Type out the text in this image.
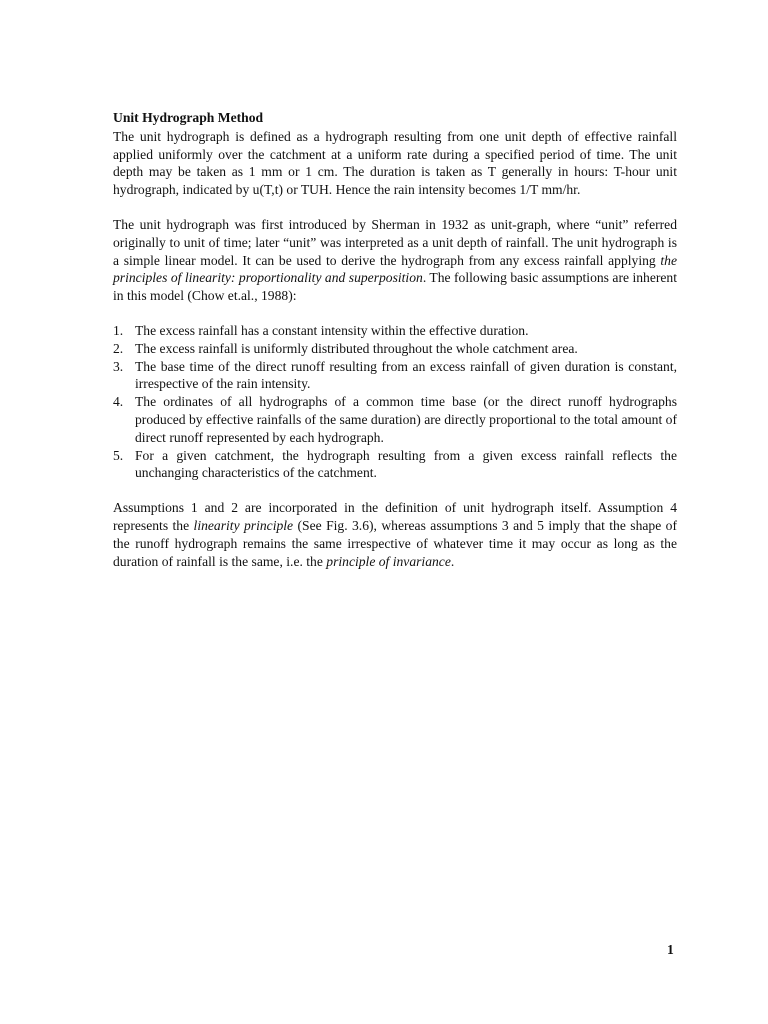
Unit Hydrograph Method

The unit hydrograph is defined as a hydrograph resulting from one unit depth of effective rainfall applied uniformly over the catchment at a uniform rate during a specified period of time. The unit depth may be taken as 1 mm or 1 cm. The duration is taken as T generally in hours: T-hour unit hydrograph, indicated by u(T,t) or TUH. Hence the rain intensity becomes 1/T mm/hr.

The unit hydrograph was first introduced by Sherman in 1932 as unit-graph, where “unit” referred originally to unit of time; later “unit” was interpreted as a unit depth of rainfall. The unit hydrograph is a simple linear model. It can be used to derive the hydrograph from any excess rainfall applying the principles of linearity: proportionality and superposition. The following basic assumptions are inherent in this model (Chow et.al., 1988):

1. The excess rainfall has a constant intensity within the effective duration.
2. The excess rainfall is uniformly distributed throughout the whole catchment area.
3. The base time of the direct runoff resulting from an excess rainfall of given duration is constant, irrespective of the rain intensity.
4. The ordinates of all hydrographs of a common time base (or the direct runoff hydrographs produced by effective rainfalls of the same duration) are directly proportional to the total amount of direct runoff represented by each hydrograph.
5. For a given catchment, the hydrograph resulting from a given excess rainfall reflects the unchanging characteristics of the catchment.

Assumptions 1 and 2 are incorporated in the definition of unit hydrograph itself. Assumption 4 represents the linearity principle (See Fig. 3.6), whereas assumptions 3 and 5 imply that the shape of the runoff hydrograph remains the same irrespective of whatever time it may occur as long as the duration of rainfall is the same, i.e. the principle of invariance.

1
